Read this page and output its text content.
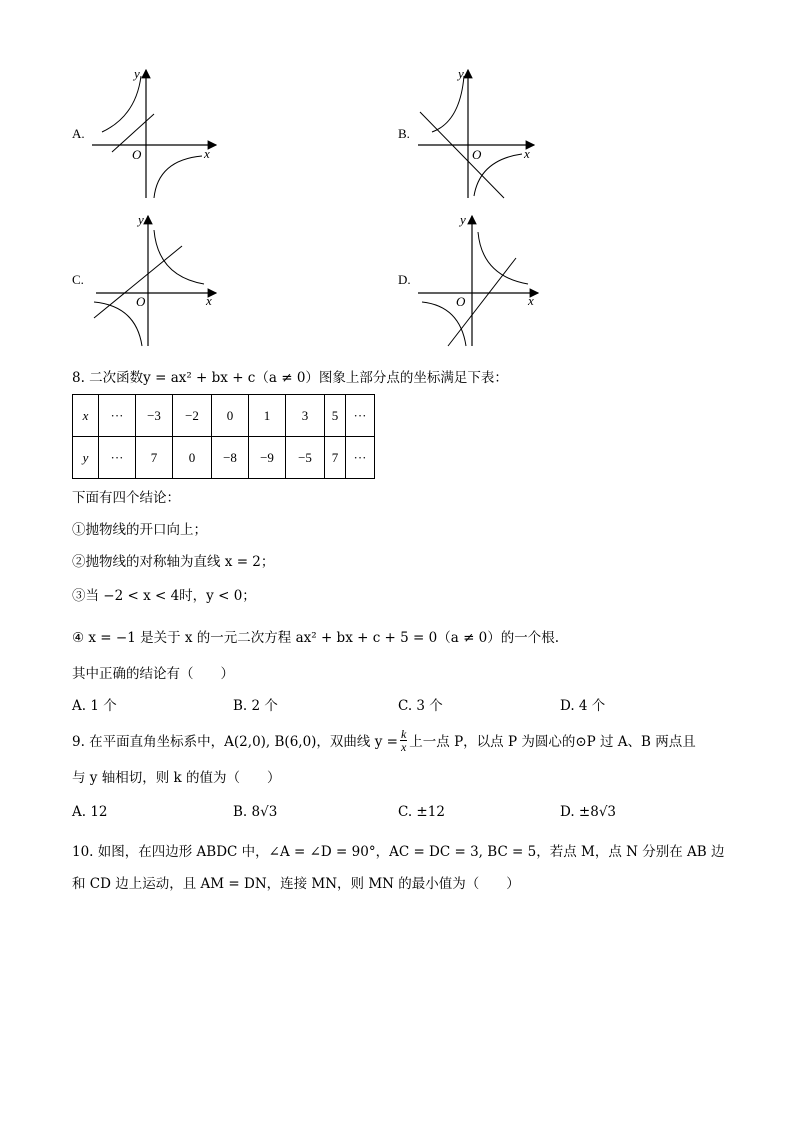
A.
x
y
O
B.
x
y
O
C.
x
y
O
D.
x
y
O
8. 二次函数y = ax² + bx + c（a ≠ 0）图象上部分点的坐标满足下表：
x	···	−3	−2	0	1	3	5	···
y	···	7	0	−8	−9	−5	7	···
下面有四个结论：
①抛物线的开口向上；
②抛物线的对称轴为直线 x = 2；
③当 −2 < x < 4时，y < 0；
④ x = −1 是关于 x 的一元二次方程 ax² + bx + c + 5 = 0（a ≠ 0）的一个根.
其中正确的结论有（　　）
A. 1 个	B. 2 个	C. 3 个	D. 4 个
9. 在平面直角坐标系中，A(2,0), B(6,0)，双曲线 $y = \frac{k}{x}$ 上一点 P，以点 P 为圆心的⊙P 过 A、B 两点且
与 y 轴相切，则 k 的值为（　　）
A. 12	B. 8√3	C. ±12	D. ±8√3
10. 如图，在四边形 ABDC 中，∠A = ∠D = 90°，AC = DC = 3, BC = 5，若点 M，点 N 分别在 AB 边
和 CD 边上运动，且 AM = DN，连接 MN，则 MN 的最小值为（　　）
